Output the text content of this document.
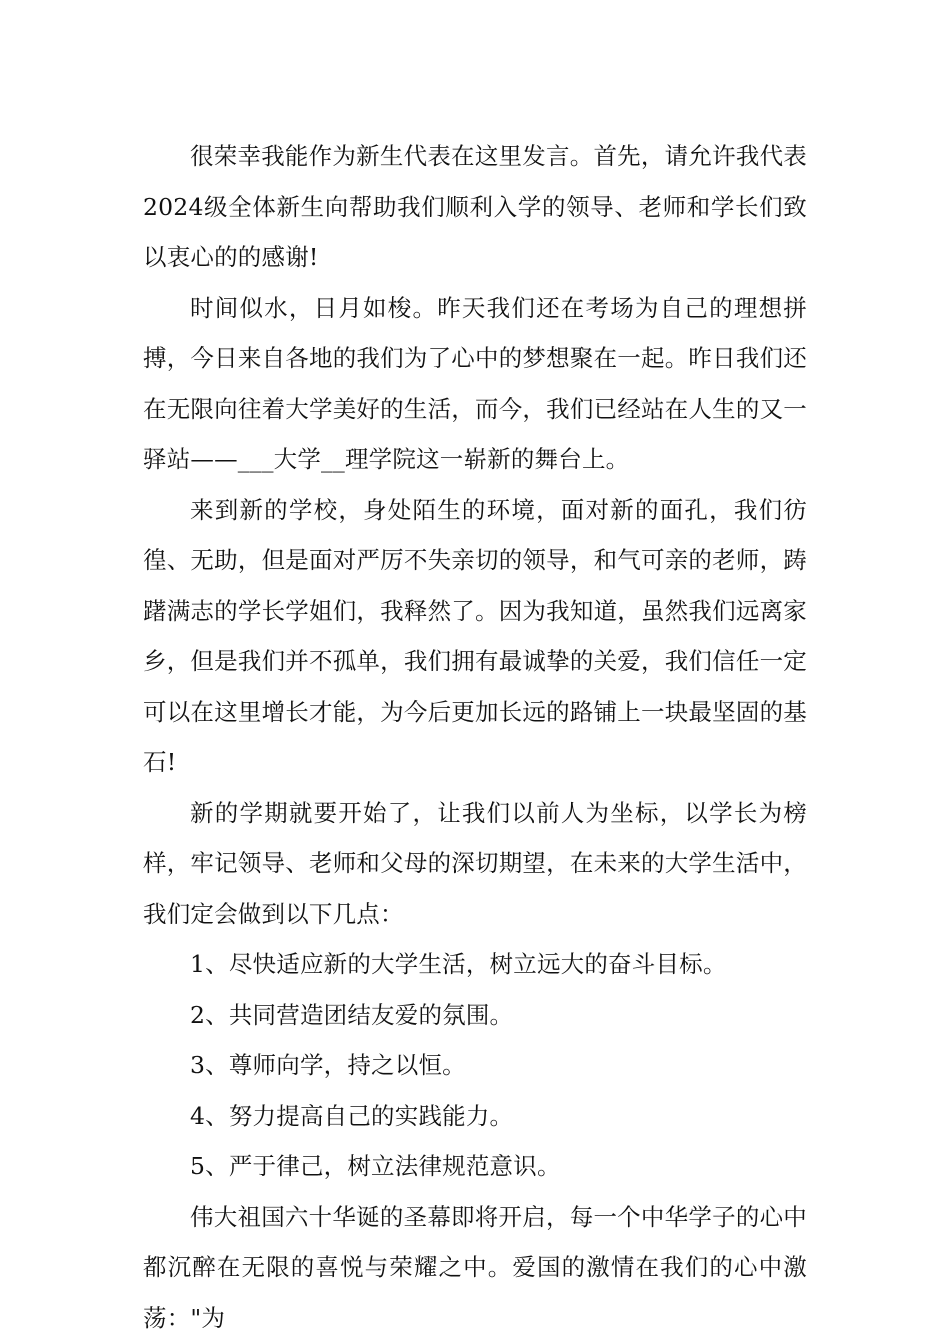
很荣幸我能作为新生代表在这里发言。首先，请允许我代表2024级全体新生向帮助我们顺利入学的领导、老师和学长们致以衷心的的感谢!

时间似水，日月如梭。昨天我们还在考场为自己的理想拼搏，今日来自各地的我们为了心中的梦想聚在一起。昨日我们还在无限向往着大学美好的生活，而今，我们已经站在人生的又一驿站——___大学__理学院这一崭新的舞台上。

来到新的学校，身处陌生的环境，面对新的面孔，我们彷徨、无助，但是面对严厉不失亲切的领导，和气可亲的老师，踌躇满志的学长学姐们，我释然了。因为我知道，虽然我们远离家乡，但是我们并不孤单，我们拥有最诚挚的关爱，我们信任一定可以在这里增长才能，为今后更加长远的路铺上一块最坚固的基石!

新的学期就要开始了，让我们以前人为坐标，以学长为榜样，牢记领导、老师和父母的深切期望，在未来的大学生活中，我们定会做到以下几点：

1、尽快适应新的大学生活，树立远大的奋斗目标。

2、共同营造团结友爱的氛围。

3、尊师向学，持之以恒。

4、努力提高自己的实践能力。

5、严于律己，树立法律规范意识。

伟大祖国六十华诞的圣幕即将开启，每一个中华学子的心中都沉醉在无限的喜悦与荣耀之中。爱国的激情在我们的心中激荡："为
